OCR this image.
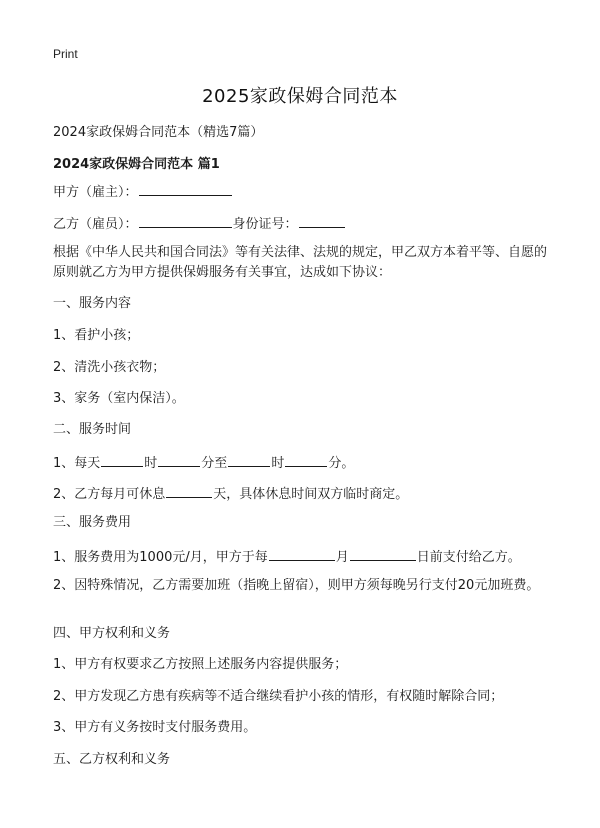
Print
2025家政保姆合同范本
2024家政保姆合同范本（精选7篇）
2024家政保姆合同范本 篇1
甲方（雇主）：
乙方（雇员）：	身份证号：
根据《中华人民共和国合同法》等有关法律、法规的规定，甲乙双方本着平等、自愿的原则就乙方为甲方提供保姆服务有关事宜，达成如下协议：
一、服务内容
1、看护小孩；
2、清洗小孩衣物；
3、家务（室内保洁）。
二、服务时间
1、每天	时	分至	时	分。
2、乙方每月可休息	天，具体休息时间双方临时商定。
三、服务费用
1、服务费用为1000元/月，甲方于每	月	日前支付给乙方。
2、因特殊情况，乙方需要加班（指晚上留宿），则甲方须每晚另行支付20元加班费。
四、甲方权利和义务
1、甲方有权要求乙方按照上述服务内容提供服务；
2、甲方发现乙方患有疾病等不适合继续看护小孩的情形，有权随时解除合同；
3、甲方有义务按时支付服务费用。
五、乙方权利和义务
